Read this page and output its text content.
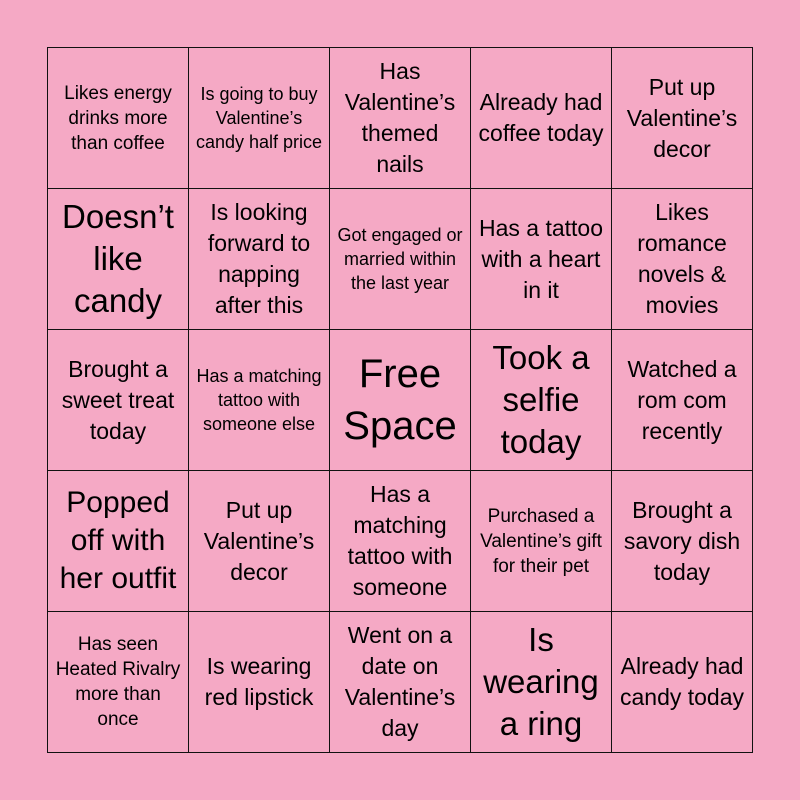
Likes energy drinks more than coffee
Is going to buy Valentine’s candy half price
Has Valentine’s themed nails
Already had coffee today
Put up Valentine’s decor
Doesn’t like candy
Is looking forward to napping after this
Got engaged or married within the last year
Has a tattoo with a heart in it
Likes romance novels & movies
Brought a sweet treat today
Has a matching tattoo with someone else
Free Space
Took a selfie today
Watched a rom com recently
Popped off with her outfit
Put up Valentine’s decor
Has a matching tattoo with someone
Purchased a Valentine’s gift for their pet
Brought a savory dish today
Has seen Heated Rivalry more than once
Is wearing red lipstick
Went on a date on Valentine’s day
Is wearing a ring
Already had candy today
